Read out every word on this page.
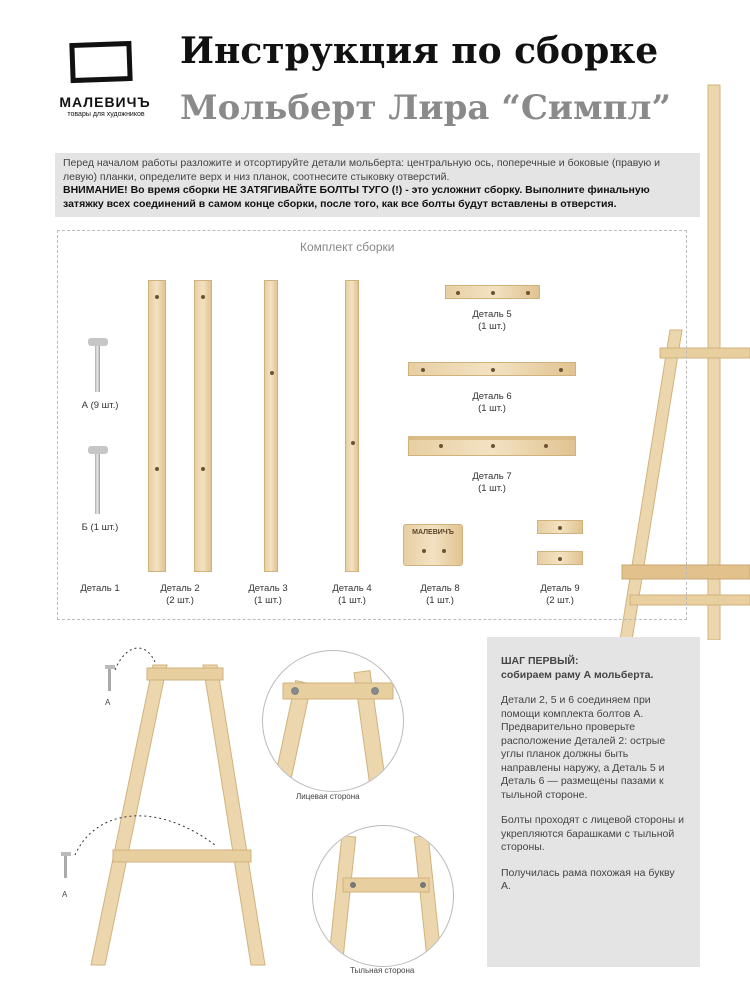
МАЛЕВИЧЪ
товары для художников
Инструкция по сборке
Мольберт Лира “Симпл”
Перед началом работы разложите и отсортируйте детали мольберта: центральную ось, поперечные и боковые (правую и левую) планки, определите верх и низ планок, соотнесите стыковку отверстий.
ВНИМАНИЕ! Во время сборки НЕ ЗАТЯГИВАЙТЕ БОЛТЫ ТУГО (!) - это усложнит сборку. Выполните финальную затяжку всех соединений в самом конце сборки, после того, как все болты будут вставлены в отверстия.
Комплект сборки
А (9 шт.)
Б (1 шт.)
Деталь 1	Деталь 2
(2 шт.)
Деталь 3
(1 шт.)
Деталь 4
(1 шт.)
Деталь 5
(1 шт.)
Деталь 6
(1 шт.)
Деталь 7
(1 шт.)
МАЛЕВИЧЪ
Деталь 8
(1 шт.)
Деталь 9
(2 шт.)
А
А
Лицевая сторона
Тыльная сторона

ШАГ ПЕРВЫЙ:
собираем раму А мольберта.

Детали 2, 5 и 6 соединяем при помощи комплекта болтов А. Предварительно проверьте расположение Деталей 2: острые углы планок должны быть направлены наружу, а Деталь 5 и Деталь 6 — размещены пазами к тыльной стороне.

Болты проходят с лицевой стороны и укрепляются барашками с тыльной стороны.

Получилась рама похожая на букву А.
